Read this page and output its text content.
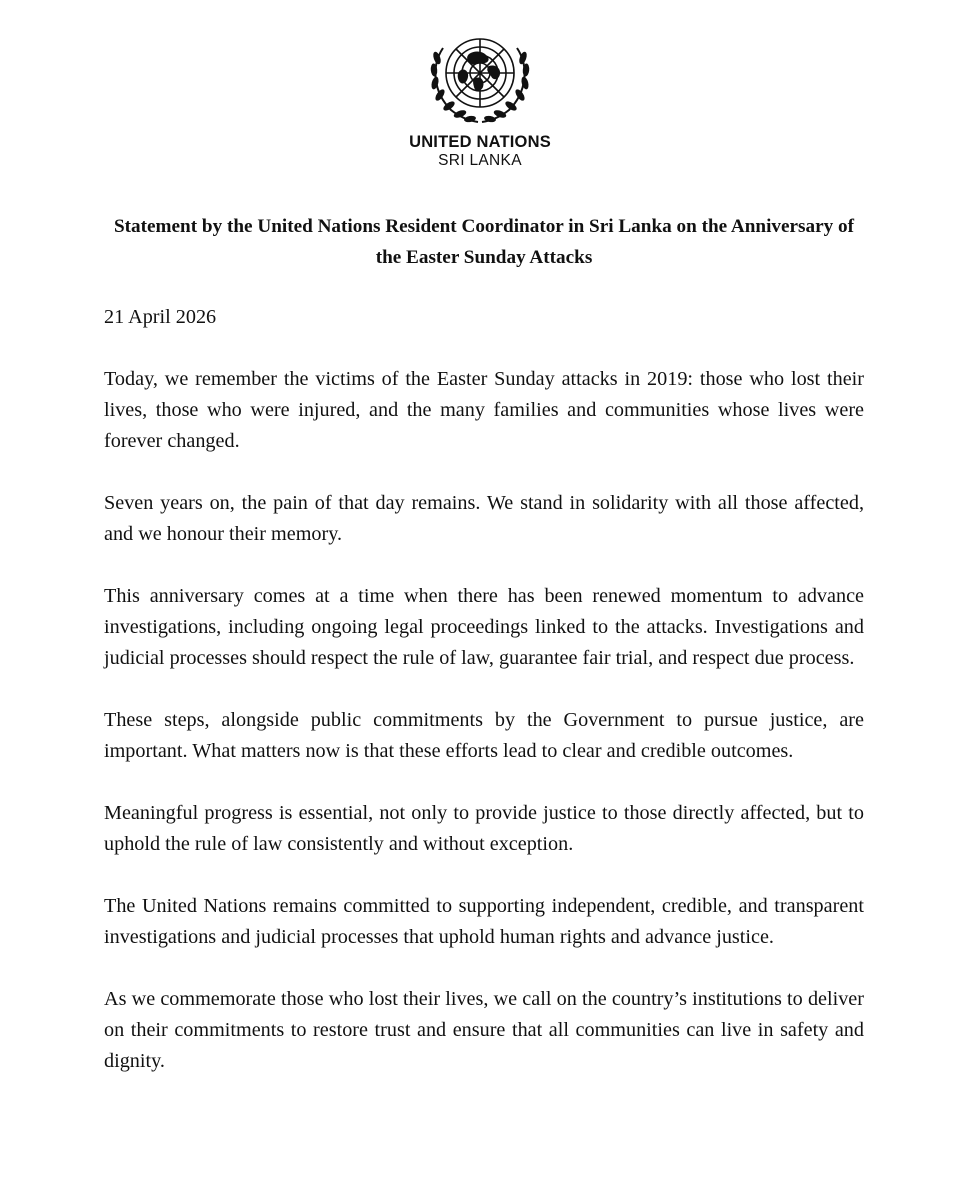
UNITED NATIONS
SRI LANKA
Statement by the United Nations Resident Coordinator in Sri Lanka on the Anniversary of the Easter Sunday Attacks

21 April 2026

Today, we remember the victims of the Easter Sunday attacks in 2019: those who lost their lives, those who were injured, and the many families and communities whose lives were forever changed.

Seven years on, the pain of that day remains. We stand in solidarity with all those affected, and we honour their memory.

This anniversary comes at a time when there has been renewed momentum to advance investigations, including ongoing legal proceedings linked to the attacks. Investigations and judicial processes should respect the rule of law, guarantee fair trial, and respect due process.

These steps, alongside public commitments by the Government to pursue justice, are important. What matters now is that these efforts lead to clear and credible outcomes.

Meaningful progress is essential, not only to provide justice to those directly affected, but to uphold the rule of law consistently and without exception.

The United Nations remains committed to supporting independent, credible, and transparent investigations and judicial processes that uphold human rights and advance justice.

As we commemorate those who lost their lives, we call on the country’s institutions to deliver on their commitments to restore trust and ensure that all communities can live in safety and dignity.
